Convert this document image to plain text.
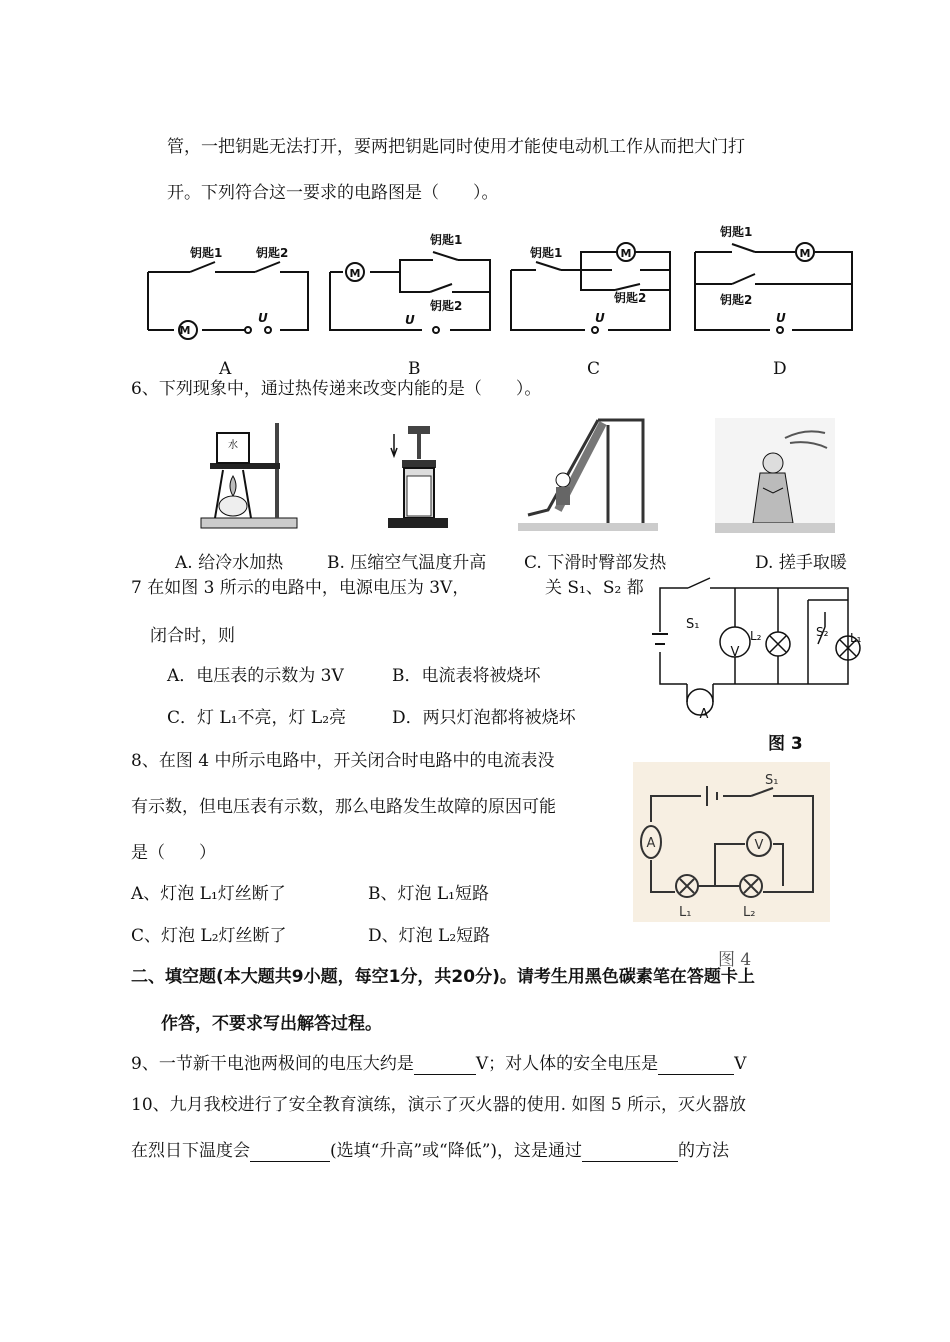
管，一把钥匙无法打开，要两把钥匙同时使用才能使电动机工作从而把大门打
开。下列符合这一要求的电路图是（　　）。
钥匙1	钥匙2
M
U
钥匙1
钥匙2
M
U
钥匙1
钥匙2
M
U
钥匙1
钥匙2
M
U
A	B	C	D
6、下列现象中，通过热传递来改变内能的是（　　）。
水
A. 给冷水加热	B. 压缩空气温度升高 C. 下滑时臀部发热	D. 搓手取暖
7 在如图 3 所示的电路中，电源电压为 3V，	关 S₁、S₂ 都
闭合时，则
A．电压表的示数为 3V	B．电流表将被烧坏
C．灯 L₁不亮，灯 L₂亮	D．两只灯泡都将被烧坏
S₁
L₂	S₂ L₁
V
A
图 3
8、在图 4 中所示电路中，开关闭合时电路中的电流表没
有示数，但电压表有示数，那么电路发生故障的原因可能
是（　　）
A、灯泡 L₁灯丝断了	B、灯泡 L₁短路
C、灯泡 L₂灯丝断了	D、灯泡 L₂短路
S₁
A	V
L₁	L₂
图 4
二、填空题(本大题共9小题，每空1分，共20分)。请考生用黑色碳素笔在答题卡上
作答，不要求写出解答过程。
9、一节新干电池两极间的电压大约是	V；对人体的安全电压是	V
10、九月我校进行了安全教育演练，演示了灭火器的使用. 如图 5 所示，灭火器放
在烈日下温度会	(选填“升高”或“降低”)，这是通过	的方法
